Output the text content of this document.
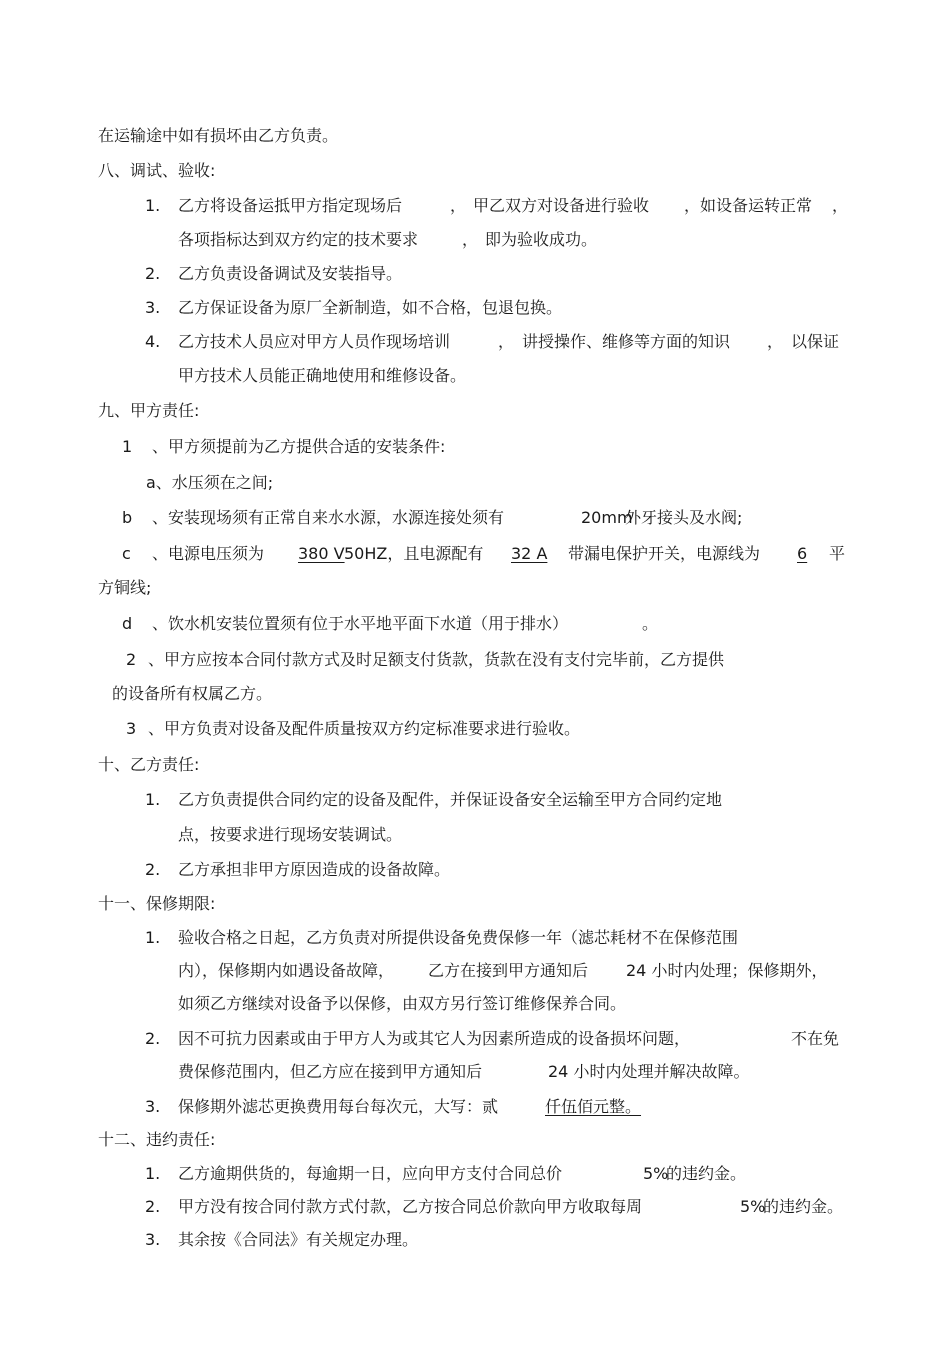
在运输途中如有损坏由乙方负责。
八、调试、验收:
1. 乙方将设备运抵甲方指定现场后	， 甲乙双方对设备进行验收 ，如设备运转正常 ，
各项指标达到双方约定的技术要求	， 即为验收成功。
2. 乙方负责设备调试及安装指导。
3. 乙方保证设备为原厂全新制造，如不合格，包退包换。
4. 乙方技术人员应对甲方人员作现场培训	， 讲授操作、维修等方面的知识 ， 以保证
甲方技术人员能正确地使用和维修设备。
九、甲方责任:
1 、甲方须提前为乙方提供合适的安装条件:
a、水压须在之间;
b 、安装现场须有正常自来水水源，水源连接处须有	20mm
外牙接头及水阀;
c 、电源电压须为 380 V 50HZ，且电源配有 32 A 带漏电保护开关，电源线为 6	平
方铜线;
d 、饮水机安装位置须有位于水平地平面下水道（用于排水）	。
2 、甲方应按本合同付款方式及时足额支付货款，货款在没有支付完毕前，乙方提供
的设备所有权属乙方。
3 、甲方负责对设备及配件质量按双方约定标准要求进行验收。
十、乙方责任:
1. 乙方负责提供合同约定的设备及配件，并保证设备安全运输至甲方合同约定地
点，按要求进行现场安装调试。
2. 乙方承担非甲方原因造成的设备故障。
十一、保修期限:
1. 验收合格之日起，乙方负责对所提供设备免费保修一年（滤芯耗材不在保修范围
内），保修期内如遇设备故障， 乙方在接到甲方通知后 24 小时内处理；保修期外，
如须乙方继续对设备予以保修，由双方另行签订维修保养合同。
2. 因不可抗力因素或由于甲方人为或其它人为因素所造成的设备损坏问题，	不在免
费保修范围内，但乙方应在接到甲方通知后	24 小时内处理并解决故障。
3. 保修期外滤芯更换费用每台每次元，大写：贰	仟伍佰元整。
十二、违约责任:
1. 乙方逾期供货的，每逾期一日，应向甲方支付合同总价	5%
的违约金。
2. 甲方没有按合同付款方式付款，乙方按合同总价款向甲方收取每周	5%
的违约金。
3. 其余按《合同法》有关规定办理。
